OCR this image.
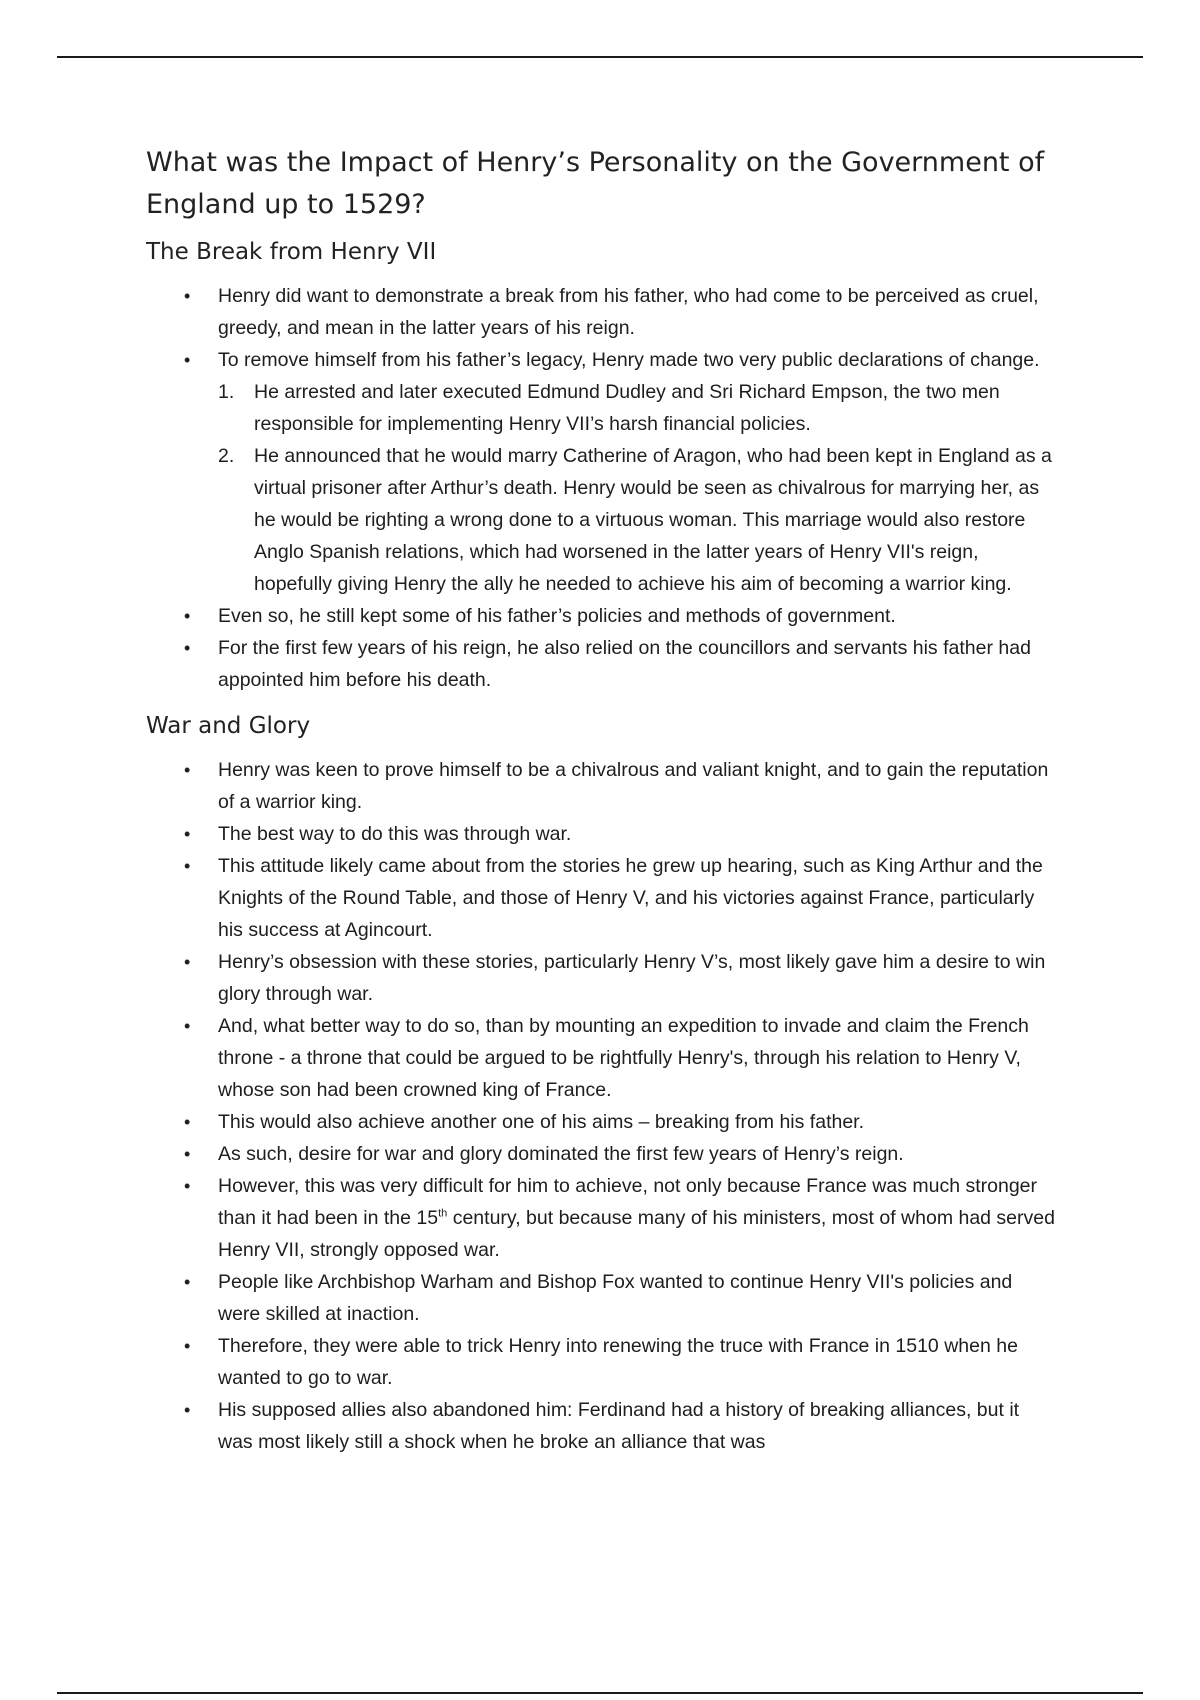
What was the Impact of Henry’s Personality on the Government of England up to 1529?
The Break from Henry VII
• Henry did want to demonstrate a break from his father, who had come to be perceived as cruel, greedy, and mean in the latter years of his reign.
• To remove himself from his father’s legacy, Henry made two very public declarations of change.
1. He arrested and later executed Edmund Dudley and Sri Richard Empson, the two men responsible for implementing Henry VII’s harsh financial policies.
2. He announced that he would marry Catherine of Aragon, who had been kept in England as a virtual prisoner after Arthur’s death. Henry would be seen as chivalrous for marrying her, as he would be righting a wrong done to a virtuous woman. This marriage would also restore Anglo Spanish relations, which had worsened in the latter years of Henry VII's reign, hopefully giving Henry the ally he needed to achieve his aim of becoming a warrior king.
• Even so, he still kept some of his father’s policies and methods of government.
• For the first few years of his reign, he also relied on the councillors and servants his father had appointed him before his death.
War and Glory
• Henry was keen to prove himself to be a chivalrous and valiant knight, and to gain the reputation of a warrior king.
• The best way to do this was through war.
• This attitude likely came about from the stories he grew up hearing, such as King Arthur and the Knights of the Round Table, and those of Henry V, and his victories against France, particularly his success at Agincourt.
• Henry’s obsession with these stories, particularly Henry V’s, most likely gave him a desire to win glory through war.
• And, what better way to do so, than by mounting an expedition to invade and claim the French throne - a throne that could be argued to be rightfully Henry's, through his relation to Henry V, whose son had been crowned king of France.
• This would also achieve another one of his aims – breaking from his father.
• As such, desire for war and glory dominated the first few years of Henry’s reign.
• However, this was very difficult for him to achieve, not only because France was much stronger than it had been in the 15th century, but because many of his ministers, most of whom had served Henry VII, strongly opposed war.
• People like Archbishop Warham and Bishop Fox wanted to continue Henry VII's policies and were skilled at inaction.
• Therefore, they were able to trick Henry into renewing the truce with France in 1510 when he wanted to go to war.
• His supposed allies also abandoned him: Ferdinand had a history of breaking alliances, but it was most likely still a shock when he broke an alliance that was
